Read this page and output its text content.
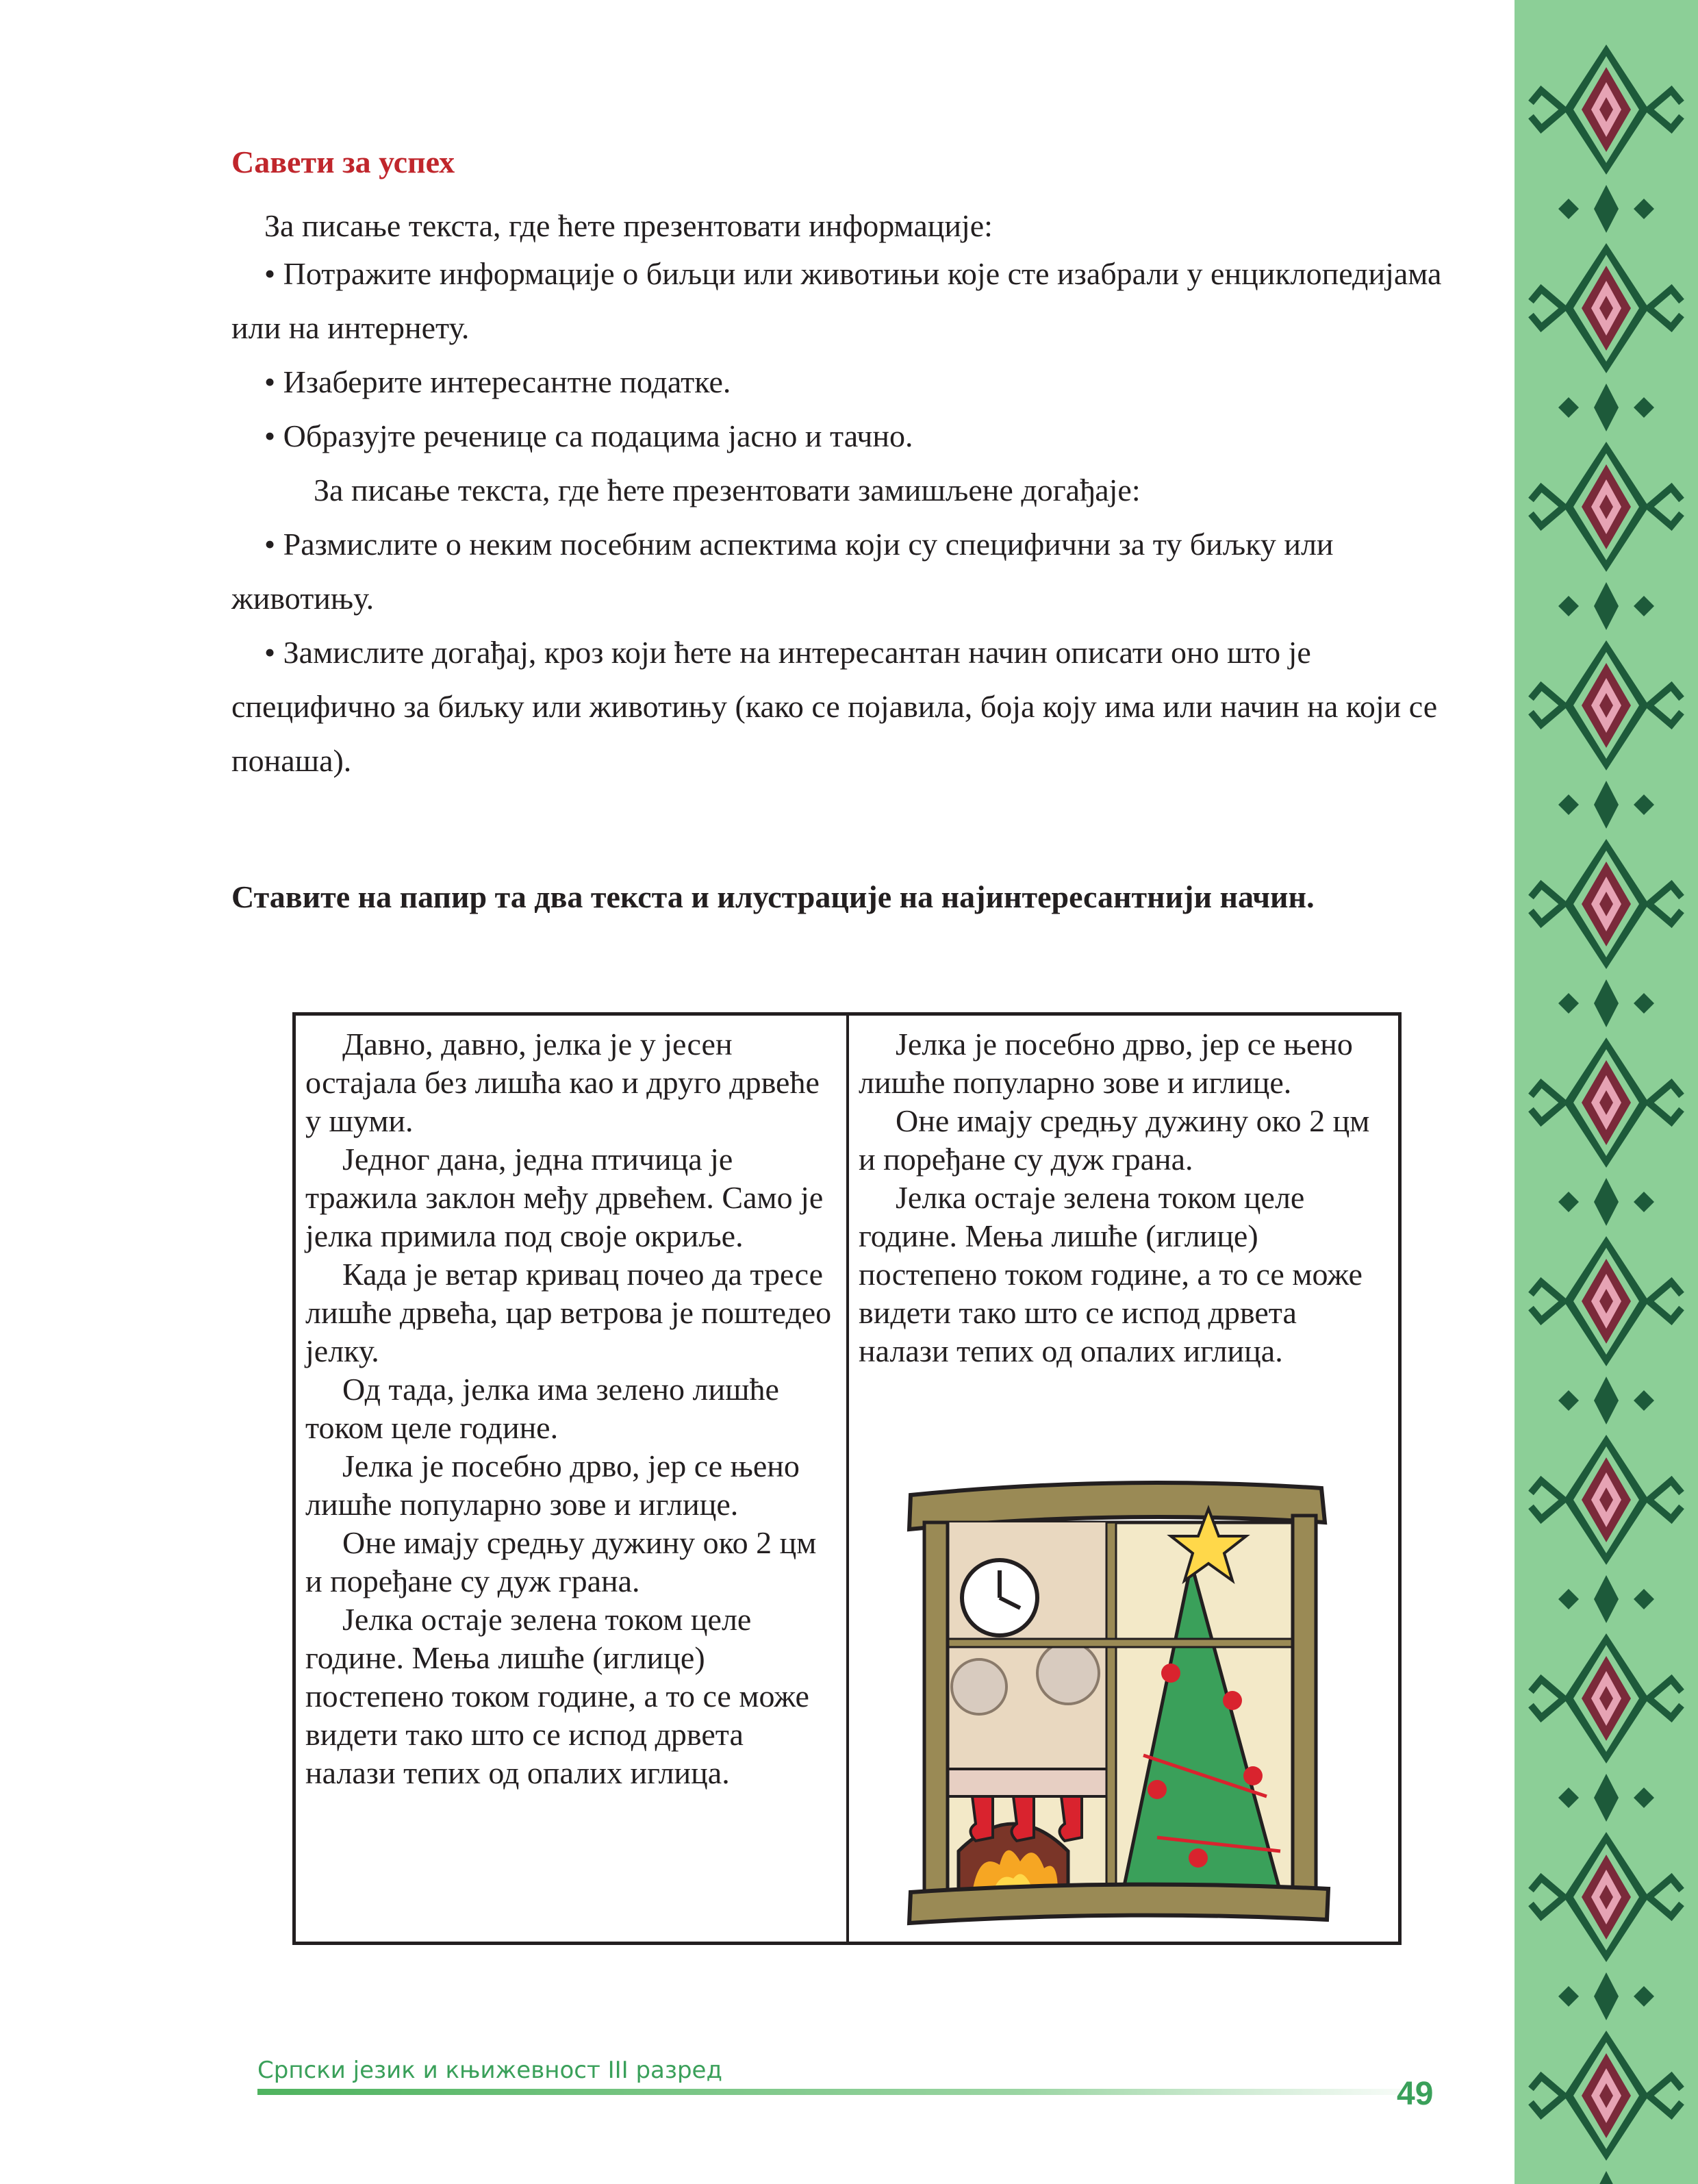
Савети за успех
За писање текста, где ћете презентовати информације:
• Потражите информације о биљци или животињи које сте изабрали у енциклопедијама или на интернету.
• Изаберите интересантне податке.
• Образујте реченице са подацима јасно и тачно.
За писање текста, где ћете презентовати замишљене догађаје:
• Размислите о неким посебним аспектима који су специфични за ту биљку или животињу.
• Замислите догађај, кроз који ћете на интересантан начин описати оно што је специфично за биљку или животињу (како се појавила, боја коју има или начин на који се понаша).
Ставите на папир та два текста и илустрације на најинтересантнији начин.

Давно, давно, јелка је у јесен остајала без лишћа као и друго дрвеће у шуми.

Једног дана, једна птичица је тражила заклон међу дрвећем. Само је јелка примила под своје окриље.

Када је ветар кривац почео да тресе лишће дрвећа, цар ветрова је поштедео јелку.

Од тада, јелка има зелено лишће током целе године.

Јелка је посебно дрво, јер се њено лишће популарно зове и иглице.

Оне имају средњу дужину око 2 цм и поређане су дуж грана.

Јелка остаје зелена током целе године. Мења лишће (иглице) постепено током године, а то се може видети тако што се испод дрвета налази тепих од опалих иглица.

Јелка је посебно дрво, јер се њено лишће популарно зове и иглице.

Оне имају средњу дужину око 2 цм и поређане су дуж грана.

Јелка остаје зелена током целе године. Мења лишће (иглице) постепено током године, а то се може видети тако што се испод дрвета налази тепих од опалих иглица.

Српски језик и књижевност III разред
49
